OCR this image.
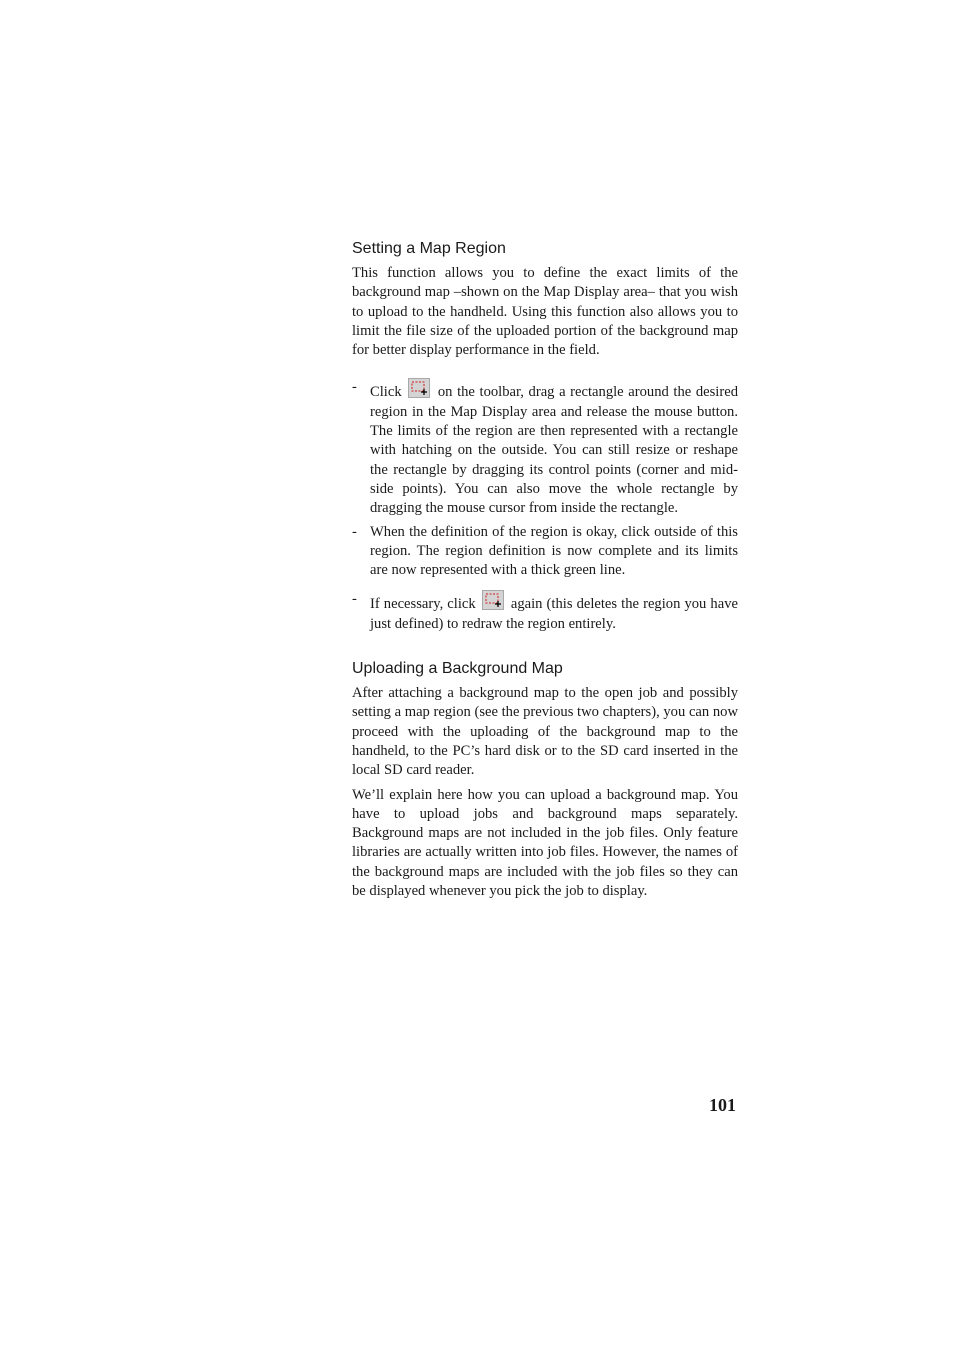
Setting a Map Region

This function allows you to define the exact limits of the background map –shown on the Map Display area– that you wish to upload to the handheld. Using this function also allows you to limit the file size of the uploaded portion of the background map for better display performance in the field.

- Click on the toolbar, drag a rectangle around the desired region in the Map Display area and release the mouse button. The limits of the region are then represented with a rectangle with hatching on the outside. You can still resize or reshape the rectangle by dragging its control points (corner and mid-side points). You can also move the whole rectangle by dragging the mouse cursor from inside the rectangle.
- When the definition of the region is okay, click outside of this region. The region definition is now complete and its limits are now represented with a thick green line.
- If necessary, click again (this deletes the region you have just defined) to redraw the region entirely.
Uploading a Background Map

After attaching a background map to the open job and possibly setting a map region (see the previous two chapters), you can now proceed with the uploading of the background map to the handheld, to the PC’s hard disk or to the SD card inserted in the local SD card reader.

We’ll explain here how you can upload a background map. You have to upload jobs and background maps separately. Background maps are not included in the job files. Only feature libraries are actually written into job files. However, the names of the background maps are included with the job files so they can be displayed whenever you pick the job to display.

101
